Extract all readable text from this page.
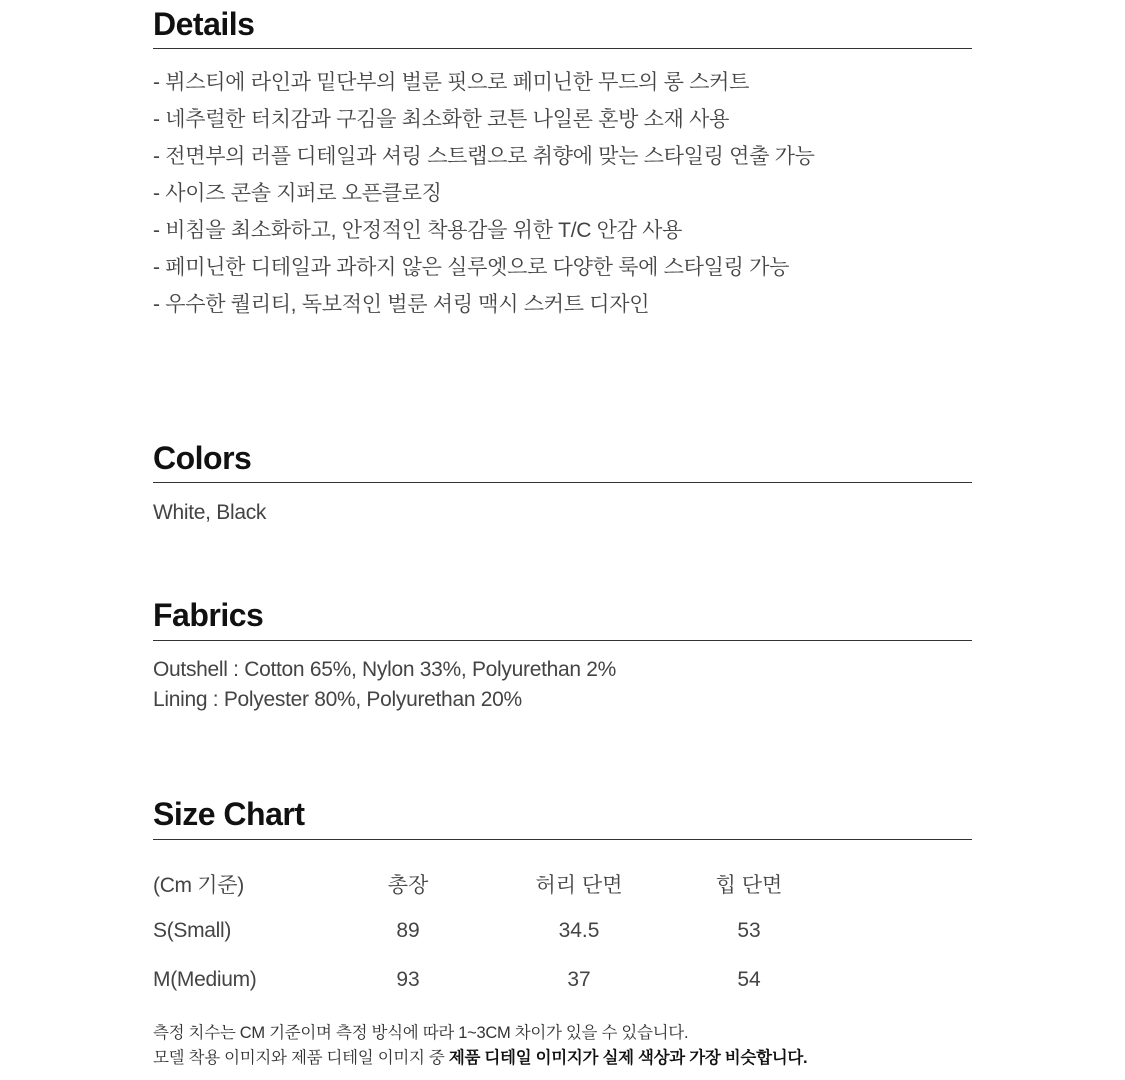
Details
- 뷔스티에 라인과 밑단부의 벌룬 핏으로 페미닌한 무드의 롱 스커트
- 네추럴한 터치감과 구김을 최소화한 코튼 나일론 혼방 소재 사용
- 전면부의 러플 디테일과 셔링 스트랩으로 취향에 맞는 스타일링 연출 가능
- 사이즈 콘솔 지퍼로 오픈클로징
- 비침을 최소화하고, 안정적인 착용감을 위한 T/C 안감 사용
- 페미닌한 디테일과 과하지 않은 실루엣으로 다양한 룩에 스타일링 가능
- 우수한 퀄리티, 독보적인 벌룬 셔링 맥시 스커트 디자인
Colors
White, Black
Fabrics
Outshell : Cotton 65%, Nylon 33%, Polyurethan 2%
Lining : Polyester 80%, Polyurethan 20%
Size Chart
(Cm 기준)	총장	허리 단면	힙 단면
S(Small)	89	34.5	53
M(Medium)	93	37	54
측정 치수는 CM 기준이며 측정 방식에 따라 1~3CM 차이가 있을 수 있습니다.
모델 착용 이미지와 제품 디테일 이미지 중 제품 디테일 이미지가 실제 색상과 가장 비슷합니다.
